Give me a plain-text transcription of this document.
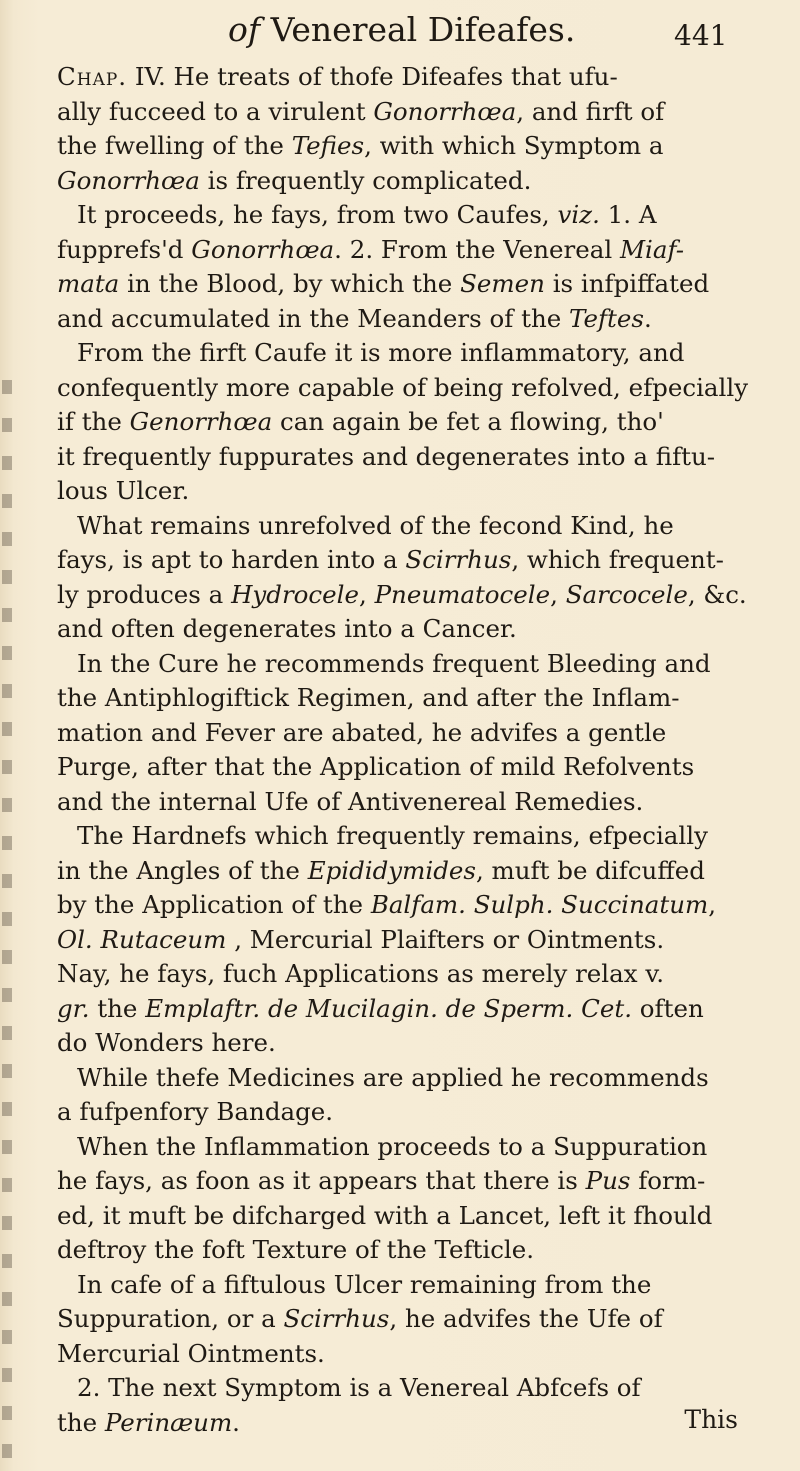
of Venereal Difeafes.	441
Chap. IV. He treats of thofe Difeafes that ufu-
ally fucceed to a virulent Gonorrhœa, and firft of
the fwelling of the Tefies, with which Symptom a
Gonorrhœa is frequently complicated.
It proceeds, he fays, from two Caufes, viz. 1. A
fupprefs'd Gonorrhœa. 2. From the Venereal Miaf-
mata in the Blood, by which the Semen is infpiffated
and accumulated in the Meanders of the Teftes.
From the firft Caufe it is more inflammatory, and
confequently more capable of being refolved, efpecially
if the Genorrhœa can again be fet a flowing, tho'
it frequently fuppurates and degenerates into a fiftu-
lous Ulcer.
What remains unrefolved of the fecond Kind, he
fays, is apt to harden into a Scirrhus, which frequent-
ly produces a Hydrocele, Pneumatocele, Sarcocele, &c.
and often degenerates into a Cancer.
In the Cure he recommends frequent Bleeding and
the Antiphlogiftick Regimen, and after the Inflam-
mation and Fever are abated, he advifes a gentle
Purge, after that the Application of mild Refolvents
and the internal Ufe of Antivenereal Remedies.
The Hardnefs which frequently remains, efpecially
in the Angles of the Epididymides, muft be difcuffed
by the Application of the Balfam. Sulph. Succinatum,
Ol. Rutaceum , Mercurial Plaifters or Ointments.
Nay, he fays, fuch Applications as merely relax v.
gr. the Emplaftr. de Mucilagin. de Sperm. Cet. often
do Wonders here.
While thefe Medicines are applied he recommends
a fufpenfory Bandage.
When the Inflammation proceeds to a Suppuration
he fays, as foon as it appears that there is Pus form-
ed, it muft be difcharged with a Lancet, left it fhould
deftroy the foft Texture of the Tefticle.
In cafe of a fiftulous Ulcer remaining from the
Suppuration, or a Scirrhus, he advifes the Ufe of
Mercurial Ointments.
2. The next Symptom is a Venereal Abfcefs of
the Perinæum.	This
